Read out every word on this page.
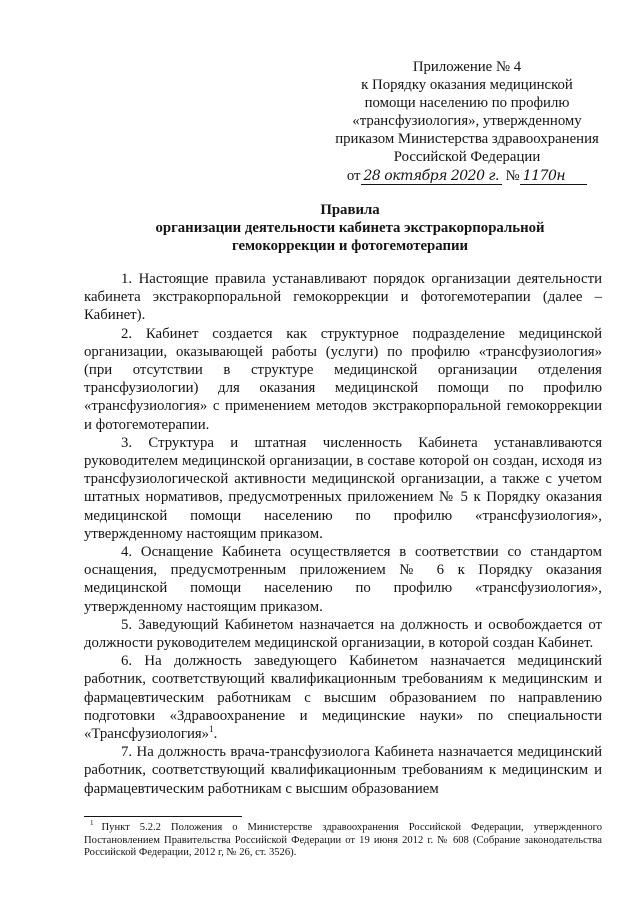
Приложение № 4
к Порядку оказания медицинской
помощи населению по профилю
«трансфузиология», утвержденному
приказом Министерства здравоохранения
Российской Федерации
от 28 октября 2020 г. № 1170н
Правила
организации деятельности кабинета экстракорпоральной
гемокоррекции и фотогемотерапии

1. Настоящие правила устанавливают порядок организации деятельности кабинета экстракорпоральной гемокоррекции и фотогемотерапии (далее – Кабинет).

2. Кабинет создается как структурное подразделение медицинской организации, оказывающей работы (услуги) по профилю «трансфузиология» (при отсутствии в структуре медицинской организации отделения трансфузиологии) для оказания медицинской помощи по профилю «трансфузиология» с применением методов экстракорпоральной гемокоррекции и фотогемотерапии.

3. Структура и штатная численность Кабинета устанавливаются руководителем медицинской организации, в составе которой он создан, исходя из трансфузиологической активности медицинской организации, а также с учетом штатных нормативов, предусмотренных приложением № 5 к Порядку оказания медицинской помощи населению по профилю «трансфузиология», утвержденному настоящим приказом.

4. Оснащение Кабинета осуществляется в соответствии со стандартом оснащения, предусмотренным приложением № 6 к Порядку оказания медицинской помощи населению по профилю «трансфузиология», утвержденному настоящим приказом.

5. Заведующий Кабинетом назначается на должность и освобождается от должности руководителем медицинской организации, в которой создан Кабинет.

6. На должность заведующего Кабинетом назначается медицинский работник, соответствующий квалификационным требованиям к медицинским и фармацевтическим работникам с высшим образованием по направлению подготовки «Здравоохранение и медицинские науки» по специальности «Трансфузиология»$^1$.

7. На должность врача-трансфузиолога Кабинета назначается медицинский работник, соответствующий квалификационным требованиям к медицинским и фармацевтическим работникам с высшим образованием

$^1$ Пункт 5.2.2 Положения о Министерстве здравоохранения Российской Федерации, утвержденного Постановлением Правительства Российской Федерации от 19 июня 2012 г. № 608 (Собрание законодательства Российской Федерации, 2012 г, № 26, ст. 3526).
